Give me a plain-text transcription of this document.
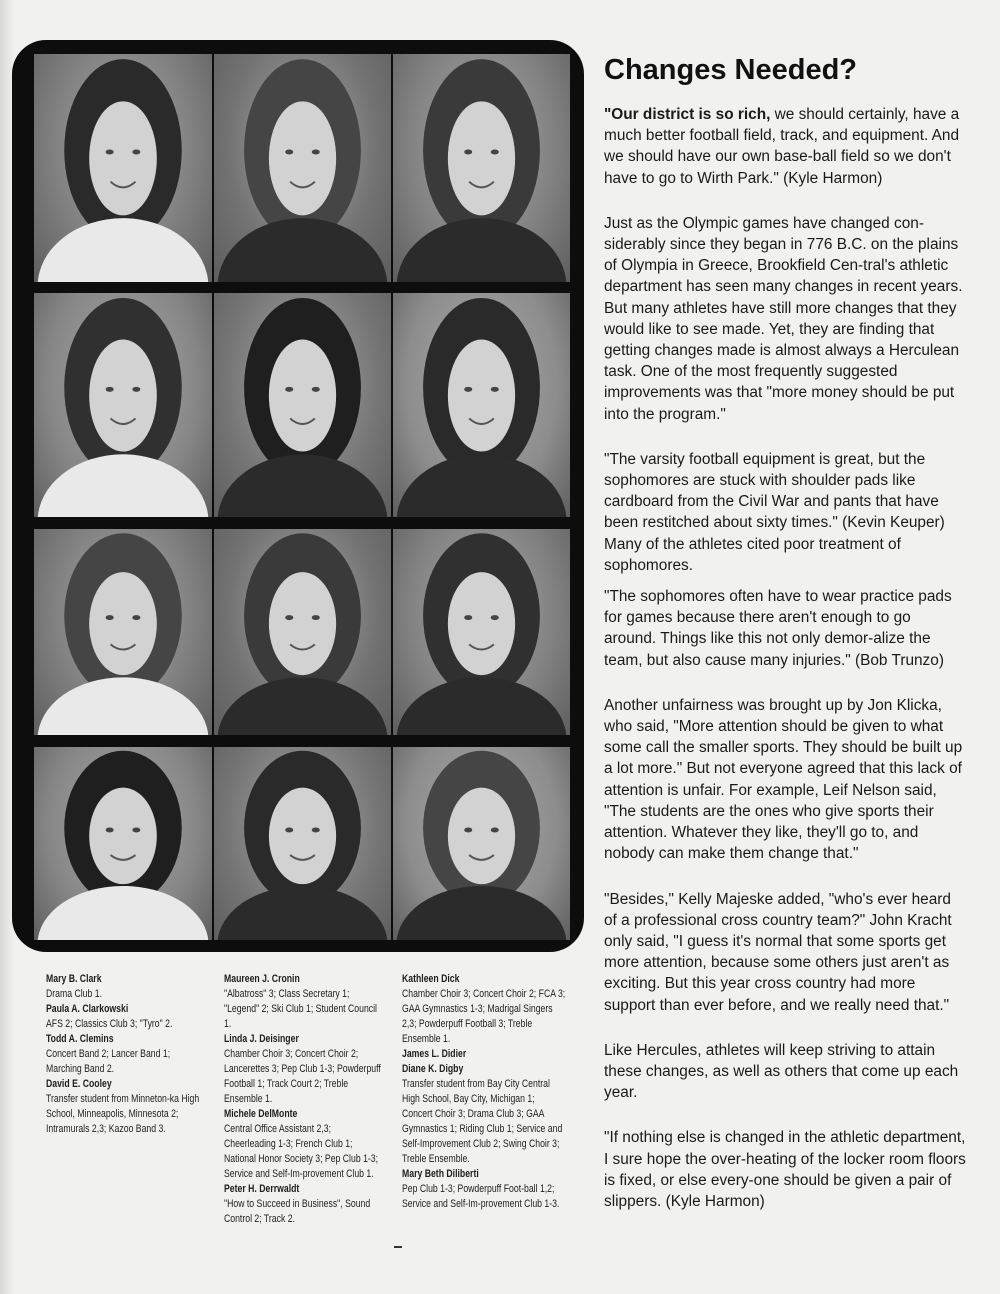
Changes Needed?

"Our district is so rich, we should certainly, have a much better football field, track, and equipment. And we should have our own base-ball field so we don't have to go to Wirth Park." (Kyle Harmon)

Just as the Olympic games have changed con-siderably since they began in 776 B.C. on the plains of Olympia in Greece, Brookfield Cen-tral's athletic department has seen many changes in recent years. But many athletes have still more changes that they would like to see made. Yet, they are finding that getting changes made is almost always a Herculean task. One of the most frequently suggested improvements was that "more money should be put into the program."

"The varsity football equipment is great, but the sophomores are stuck with shoulder pads like cardboard from the Civil War and pants that have been restitched about sixty times." (Kevin Keuper) Many of the athletes cited poor treatment of sophomores.

"The sophomores often have to wear practice pads for games because there aren't enough to go around. Things like this not only demor-alize the team, but also cause many injuries." (Bob Trunzo)

Another unfairness was brought up by Jon Klicka, who said, "More attention should be given to what some call the smaller sports. They should be built up a lot more." But not everyone agreed that this lack of attention is unfair. For example, Leif Nelson said, "The students are the ones who give sports their attention. Whatever they like, they'll go to, and nobody can make them change that."

"Besides," Kelly Majeske added, "who's ever heard of a professional cross country team?" John Kracht only said, "I guess it's normal that some sports get more attention, because some others just aren't as exciting. But this year cross country had more support than ever before, and we really need that."

Like Hercules, athletes will keep striving to attain these changes, as well as others that come up each year.

"If nothing else is changed in the athletic department, I sure hope the over-heating of the locker room floors is fixed, or else every-one should be given a pair of slippers. (Kyle Harmon)

Mary B. Clark
Drama Club 1.
Paula A. Clarkowski
AFS 2; Classics Club 3; "Tyro" 2.
Todd A. Clemins
Concert Band 2; Lancer Band 1; Marching Band 2.
David E. Cooley
Transfer student from Minneton-ka High School, Minneapolis, Minnesota 2; Intramurals 2,3; Kazoo Band 3.
Maureen J. Cronin
"Albatross" 3; Class Secretary 1; "Legend" 2; Ski Club 1; Student Council 1.
Linda J. Deisinger
Chamber Choir 3; Concert Choir 2; Lancerettes 3; Pep Club 1-3; Powderpuff Football 1; Track Court 2; Treble Ensemble 1.
Michele DelMonte
Central Office Assistant 2,3; Cheerleading 1-3; French Club 1; National Honor Society 3; Pep Club 1-3; Service and Self-Im-provement Club 1.
Peter H. Derrwaldt
"How to Succeed in Business", Sound Control 2; Track 2.
Kathleen Dick
Chamber Choir 3; Concert Choir 2; FCA 3; GAA Gymnastics 1-3; Madrigal Singers 2,3; Powderpuff Football 3; Treble Ensemble 1.
James L. Didier
Diane K. Digby
Transfer student from Bay City Central High School, Bay City, Michigan 1; Concert Choir 3; Drama Club 3; GAA Gymnastics 1; Riding Club 1; Service and Self-Improvement Club 2; Swing Choir 3; Treble Ensemble.
Mary Beth Diliberti
Pep Club 1-3; Powderpuff Foot-ball 1,2; Service and Self-Im-provement Club 1-3.
